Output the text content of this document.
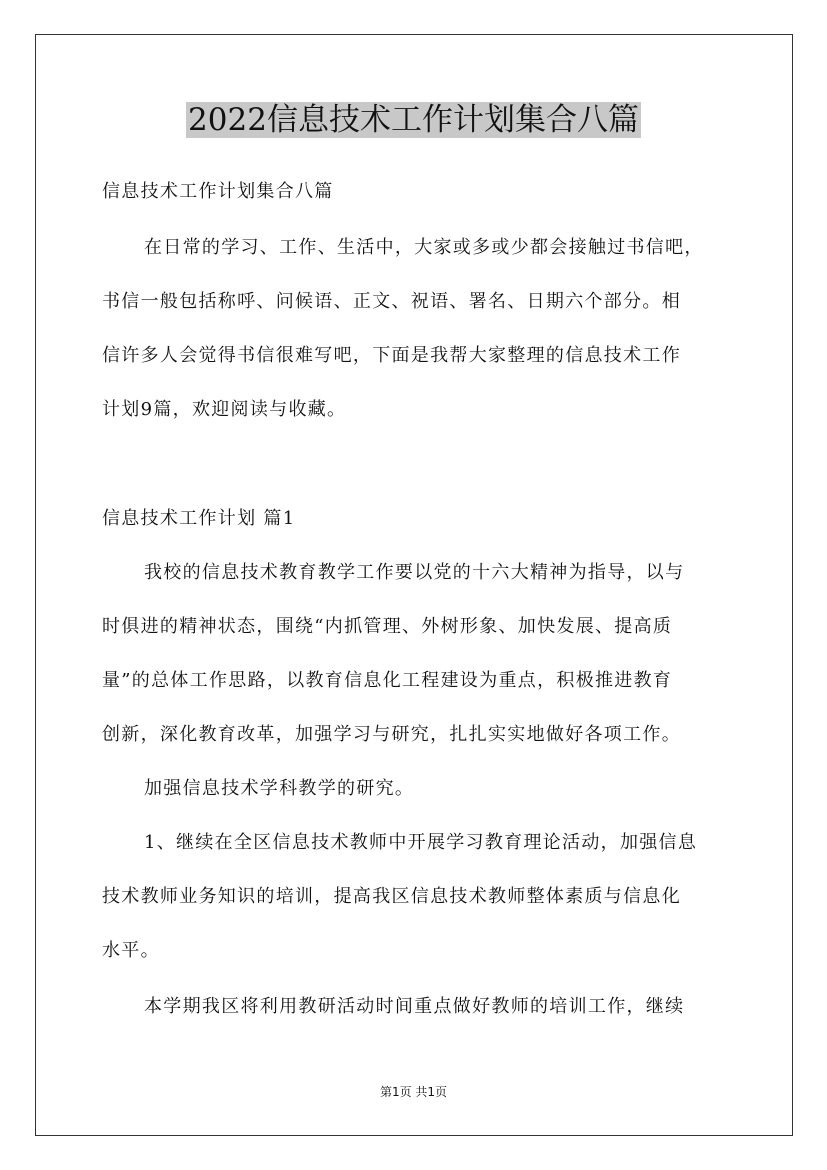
2022信息技术工作计划集合八篇

信息技术工作计划集合八篇

在日常的学习、工作、生活中，大家或多或少都会接触过书信吧，

书信一般包括称呼、问候语、正文、祝语、署名、日期六个部分。相

信许多人会觉得书信很难写吧，下面是我帮大家整理的信息技术工作

计划9篇，欢迎阅读与收藏。

信息技术工作计划 篇1

我校的信息技术教育教学工作要以党的十六大精神为指导，以与

时俱进的精神状态，围绕“内抓管理、外树形象、加快发展、提高质

量”的总体工作思路，以教育信息化工程建设为重点，积极推进教育

创新，深化教育改革，加强学习与研究，扎扎实实地做好各项工作。

加强信息技术学科教学的研究。

1、继续在全区信息技术教师中开展学习教育理论活动，加强信息

技术教师业务知识的培训，提高我区信息技术教师整体素质与信息化

水平。

本学期我区将利用教研活动时间重点做好教师的培训工作，继续

第1页 共1页
